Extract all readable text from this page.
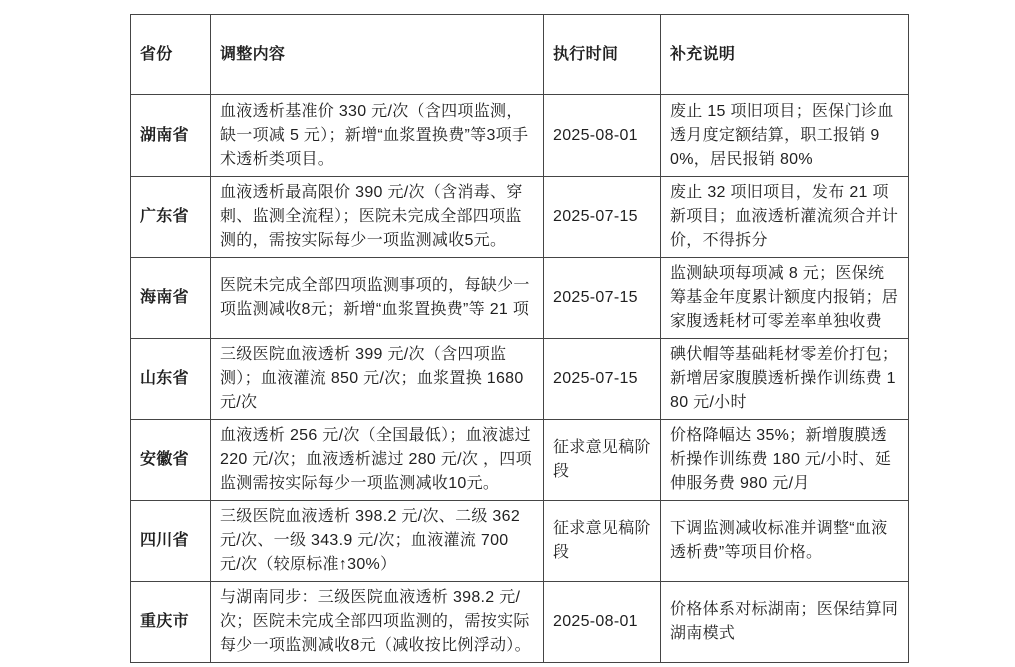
省份	调整内容	执行时间	补充说明
湖南省	血液透析基准价 330 元/次（含四项监测，缺一项减 5 元）；新增“血浆置换费”等3项手术透析类项目。	2025-08-01	废止 15 项旧项目；医保门诊血透月度定额结算，职工报销 90%，居民报销 80%
广东省	血液透析最高限价 390 元/次（含消毒、穿刺、监测全流程）；医院未完成全部四项监测的，需按实际每少一项监测减收5元。	2025-07-15	废止 32 项旧项目，发布 21 项新项目；血液透析灌流须合并计价，不得拆分
海南省	医院未完成全部四项监测事项的，每缺少一项监测减收8元；新增“血浆置换费”等 21 项	2025-07-15	监测缺项每项减 8 元；医保统筹基金年度累计额度内报销；居家腹透耗材可零差率单独收费
山东省	三级医院血液透析 399 元/次（含四项监测）；血液灌流 850 元/次；血浆置换 1680 元/次	2025-07-15	碘伏帽等基础耗材零差价打包；新增居家腹膜透析操作训练费 180 元/小时
安徽省	血液透析 256 元/次（全国最低）；血液滤过 220 元/次；血液透析滤过 280 元/次 ，四项监测需按实际每少一项监测减收10元。	征求意见稿阶段	价格降幅达 35%；新增腹膜透析操作训练费 180 元/小时、延伸服务费 980 元/月
四川省	三级医院血液透析 398.2 元/次、二级 362 元/次、一级 343.9 元/次；血液灌流 700 元/次（较原标准↑30%）	征求意见稿阶段	下调监测减收标准并调整“血液透析费”等项目价格。
重庆市	与湖南同步：三级医院血液透析 398.2 元/次；医院未完成全部四项监测的，需按实际每少一项监测减收8元（减收按比例浮动）。	2025-08-01	价格体系对标湖南；医保结算同湖南模式
